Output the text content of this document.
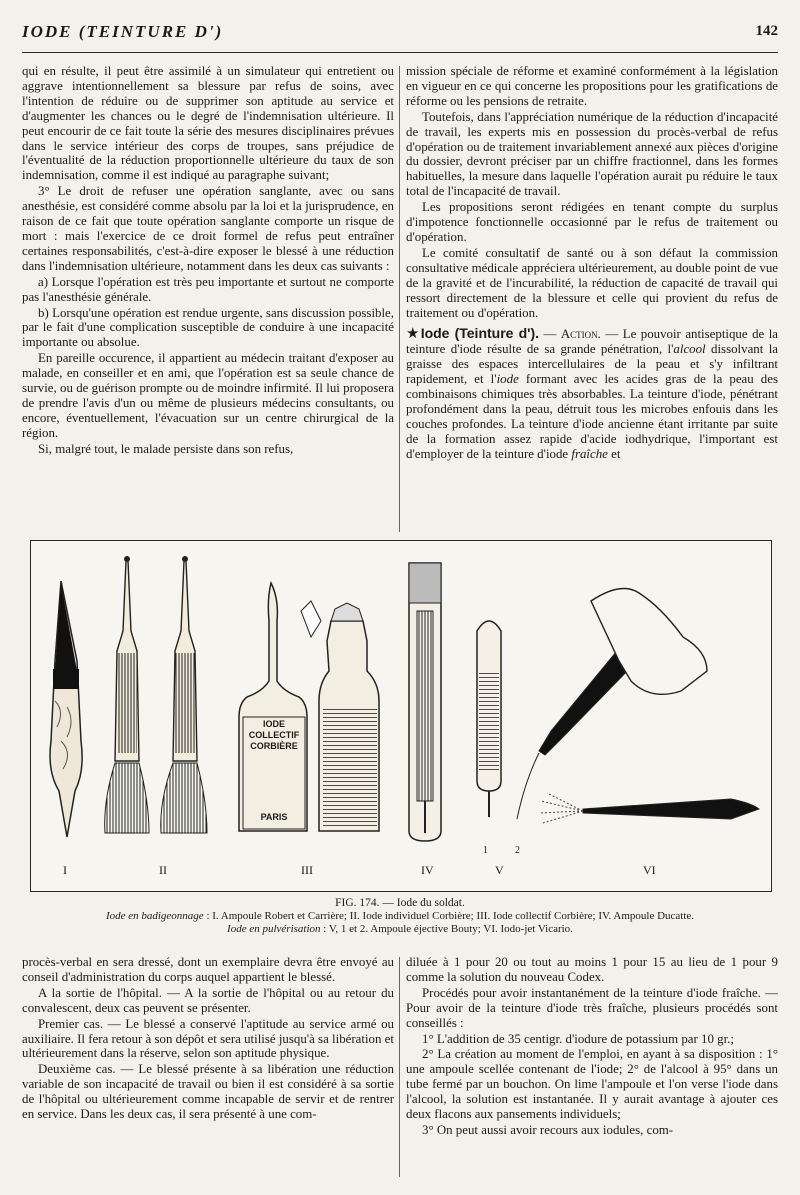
IODE (TEINTURE D')	142

qui en résulte, il peut être assimilé à un simulateur qui entretient ou aggrave intentionnellement sa blessure par refus de soins, avec l'intention de réduire ou de supprimer son aptitude au service et d'augmenter les chances ou le degré de l'indemnisation ultérieure. Il peut encourir de ce fait toute la série des mesures disciplinaires prévues dans le service intérieur des corps de troupes, sans préjudice de l'éventualité de la réduction proportionnelle ultérieure du taux de son indemnisation, comme il est indiqué au paragraphe suivant;

3° Le droit de refuser une opération sanglante, avec ou sans anesthésie, est considéré comme absolu par la loi et la jurisprudence, en raison de ce fait que toute opération sanglante comporte un risque de mort : mais l'exercice de ce droit formel de refus peut entraîner certaines responsabilités, c'est-à-dire exposer le blessé à une réduction dans l'indemnisation ultérieure, notamment dans les deux cas suivants :

a) Lorsque l'opération est très peu importante et surtout ne comporte pas l'anesthésie générale.

b) Lorsqu'une opération est rendue urgente, sans discussion possible, par le fait d'une complication susceptible de conduire à une incapacité importante ou absolue.

En pareille occurence, il appartient au médecin traitant d'exposer au malade, en conseiller et en ami, que l'opération est sa seule chance de survie, ou de guérison prompte ou de moindre infirmité. Il lui proposera de prendre l'avis d'un ou même de plusieurs médecins consultants, ou encore, éventuellement, l'évacuation sur un centre chirurgical de la région.

Si, malgré tout, le malade persiste dans son refus,

mission spéciale de réforme et examiné conformément à la législation en vigueur en ce qui concerne les propositions pour les gratifications de réforme ou les pensions de retraite.

Toutefois, dans l'appréciation numérique de la réduction d'incapacité de travail, les experts mis en possession du procès-verbal de refus d'opération ou de traitement invariablement annexé aux pièces d'origine du dossier, devront préciser par un chiffre fractionnel, dans les formes habituelles, la mesure dans laquelle l'opération aurait pu réduire le taux total de l'incapacité de travail.

Les propositions seront rédigées en tenant compte du surplus d'impotence fonctionnelle occasionné par le refus de traitement ou d'opération.

Le comité consultatif de santé ou à son défaut la commission consultative médicale appréciera ultérieurement, au double point de vue de la gravité et de l'incurabilité, la réduction de capacité de travail qui ressort directement de la blessure et celle qui provient du refus de traitement ou d'opération.

★Iode (Teinture d'). — Action. — Le pouvoir antiseptique de la teinture d'iode résulte de sa grande pénétration, l'alcool dissolvant la graisse des espaces intercellulaires de la peau et s'y infiltrant rapidement, et l'iode formant avec les acides gras de la peau des combinaisons chimiques très absorbables. La teinture d'iode, pénétrant profondément dans la peau, détruit tous les microbes enfouis dans les couches profondes. La teinture d'iode ancienne étant irritante par suite de la formation assez rapide d'acide iodhydrique, l'important est d'employer de la teinture d'iode fraîche et

I	II	III	IV	V	VI
1	2
IODE
COLLECTIF
CORBIÈRE
PARIS
FIG. 174. — Iode du soldat.
Iode en badigeonnage : I. Ampoule Robert et Carrière; II. Iode individuel Corbière; III. Iode collectif Corbière; IV. Ampoule Ducatte.
Iode en pulvérisation : V, 1 et 2. Ampoule éjective Bouty; VI. Iodo-jet Vicario.

procès-verbal en sera dressé, dont un exemplaire devra être envoyé au conseil d'administration du corps auquel appartient le blessé.

A la sortie de l'hôpital. — A la sortie de l'hôpital ou au retour du convalescent, deux cas peuvent se présenter.

Premier cas. — Le blessé a conservé l'aptitude au service armé ou auxiliaire. Il fera retour à son dépôt et sera utilisé jusqu'à sa libération et ultérieurement dans la réserve, selon son aptitude physique.

Deuxième cas. — Le blessé présente à sa libération une réduction variable de son incapacité de travail ou bien il est considéré à sa sortie de l'hôpital ou ultérieurement comme incapable de servir et de rentrer en service. Dans les deux cas, il sera présenté à une com-

diluée à 1 pour 20 ou tout au moins 1 pour 15 au lieu de 1 pour 9 comme la solution du nouveau Codex.

Procédés pour avoir instantanément de la teinture d'iode fraîche. — Pour avoir de la teinture d'iode très fraîche, plusieurs procédés sont conseillés :

1° L'addition de 35 centigr. d'iodure de potassium par 10 gr.;

2° La création au moment de l'emploi, en ayant à sa disposition : 1° une ampoule scellée contenant de l'iode; 2° de l'alcool à 95° dans un tube fermé par un bouchon. On lime l'ampoule et l'on verse l'iode dans l'alcool, la solution est instantanée. Il y aurait avantage à ajouter ces deux flacons aux pansements individuels;

3° On peut aussi avoir recours aux iodules, com-
